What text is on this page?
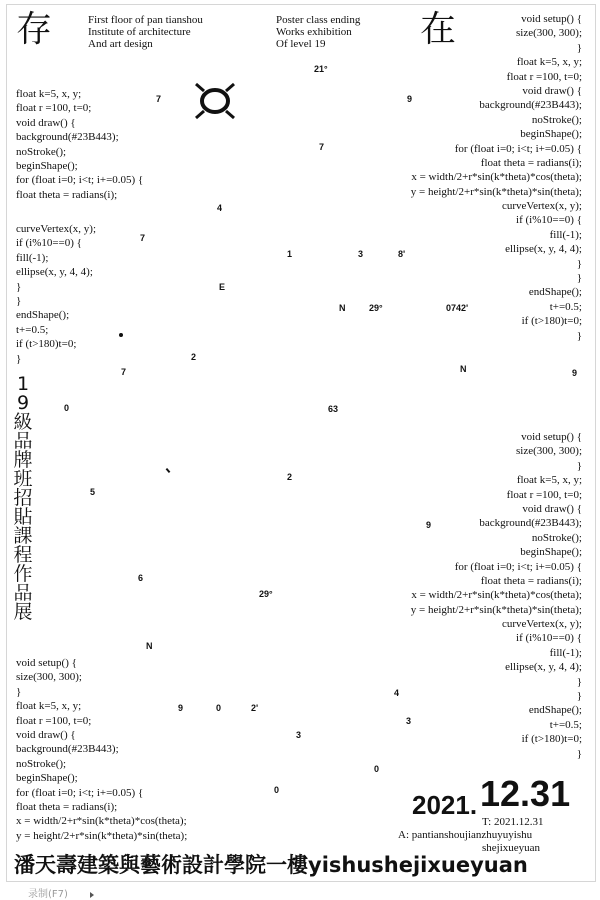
存	在
First floor of pan tianshou
Institute of architecture
And art design
Poster class ending
Works exhibition
Of level 19
void setup() {
size(300, 300);
}
float k=5, x, y;
float r =100, t=0;
void draw() {
background(#23B443);
noStroke();
beginShape();
for (float i=0; i<t; i+=0.05) {
float theta = radians(i);
x = width/2+r*sin(k*theta)*cos(theta);
y = height/2+r*sin(k*theta)*sin(theta);
curveVertex(x, y);
if (i%10==0) {
fill(-1);
ellipse(x, y, 4, 4);
}
}
endShape();
t+=0.5;
if (t>180)t=0;
}
float k=5, x, y;
float r =100, t=0;
void draw() {
background(#23B443);
noStroke();
beginShape();
for (float i=0; i<t; i+=0.05) {
float theta = radians(i);
curveVertex(x, y);
if (i%10==0) {
fill(-1);
ellipse(x, y, 4, 4);
}
}
endShape();
t+=0.5;
if (t>180)t=0;
}
void setup() {
size(300, 300);
}
float k=5, x, y;
float r =100, t=0;
void draw() {
background(#23B443);
noStroke();
beginShape();
for (float i=0; i<t; i+=0.05) {
float theta = radians(i);
x = width/2+r*sin(k*theta)*cos(theta);
y = height/2+r*sin(k*theta)*sin(theta);
curveVertex(x, y);
if (i%10==0) {
fill(-1);
ellipse(x, y, 4, 4);
}
}
endShape();
t+=0.5;
if (t>180)t=0;
}
void setup() {
size(300, 300);
}
float k=5, x, y;
float r =100, t=0;
void draw() {
background(#23B443);
noStroke();
beginShape();
for (float i=0; i<t; i+=0.05) {
float theta = radians(i);
x = width/2+r*sin(k*theta)*cos(theta);
y = height/2+r*sin(k*theta)*sin(theta);
19級品牌班招貼課程作品展
21°
7	9
7
4
7
1	3	8'
E
N	29°	0742'
2
7	N	9
0	63
5
2
6
29°
N
9	0	2'
4
3
3
0
0
9
2021. 12.31
T: 2021.12.31
A: pantianshoujianzhuyuyishu
shejixueyuan
潘天壽建築與藝術設計學院一樓yishushejixueyuan
录制(F7)
